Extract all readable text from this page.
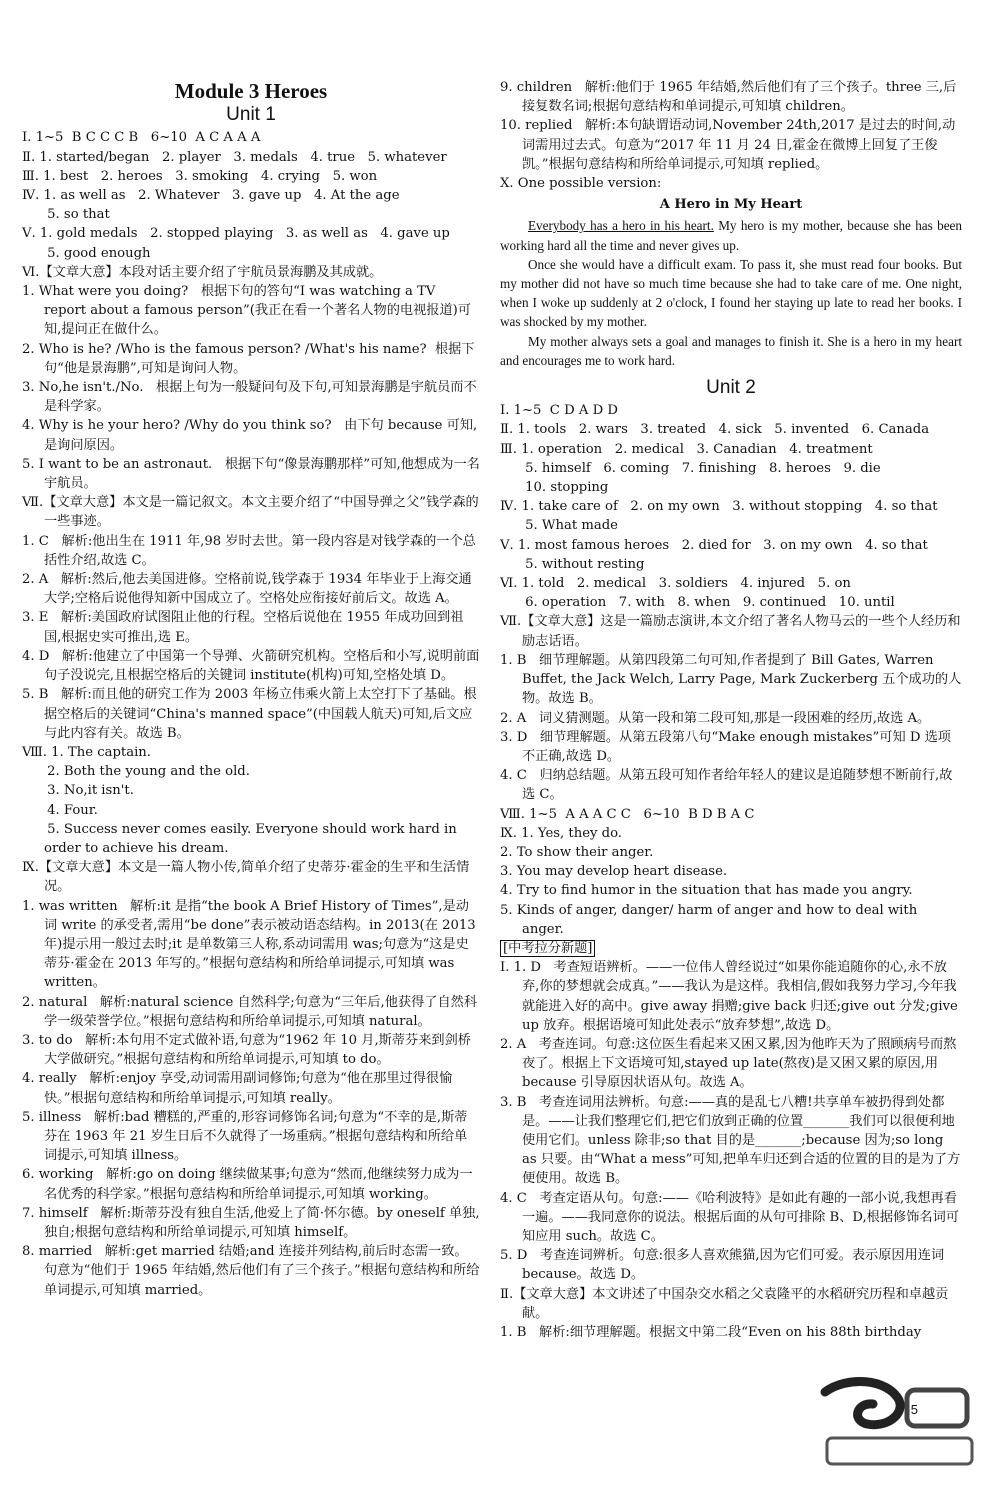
Module 3 Heroes
Unit 1
Ⅰ. 1~5  B C C C B   6~10  A C A A A
Ⅱ. 1. started/began   2. player   3. medals   4. true   5. whatever
Ⅲ. 1. best   2. heroes   3. smoking   4. crying   5. won
Ⅳ. 1. as well as   2. Whatever   3. gave up   4. At the age
5. so that
Ⅴ. 1. gold medals   2. stopped playing   3. as well as   4. gave up
5. good enough
Ⅵ.【文章大意】本段对话主要介绍了宇航员景海鹏及其成就。
1. What were you doing?   根据下句的答句“I was watching a TV report about a famous person”(我正在看一个著名人物的电视报道)可知,提问正在做什么。
2. Who is he? /Who is the famous person? /What's his name?  根据下句“他是景海鹏”,可知是询问人物。
3. No,he isn't./No.   根据上句为一般疑问句及下句,可知景海鹏是宇航员而不是科学家。
4. Why is he your hero? /Why do you think so?   由下句 because 可知,是询问原因。
5. I want to be an astronaut.   根据下句“像景海鹏那样”可知,他想成为一名宇航员。
Ⅶ.【文章大意】本文是一篇记叙文。本文主要介绍了“中国导弹之父”钱学森的一些事迹。
1. C   解析:他出生在 1911 年,98 岁时去世。第一段内容是对钱学森的一个总括性介绍,故选 C。
2. A   解析:然后,他去美国进修。空格前说,钱学森于 1934 年毕业于上海交通大学;空格后说他得知新中国成立了。空格处应衔接好前后文。故选 A。
3. E   解析:美国政府试图阻止他的行程。空格后说他在 1955 年成功回到祖国,根据史实可推出,选 E。
4. D   解析:他建立了中国第一个导弹、火箭研究机构。空格后和小写,说明前面句子没说完,且根据空格后的关键词 institute(机构)可知,空格处填 D。
5. B   解析:而且他的研究工作为 2003 年杨立伟乘火箭上太空打下了基础。根据空格后的关键词“China's manned space”(中国载人航天)可知,后文应与此内容有关。故选 B。
Ⅷ. 1. The captain.
2. Both the young and the old.
3. No,it isn't.
4. Four.
5. Success never comes easily. Everyone should work hard in order to achieve his dream.
Ⅸ.【文章大意】本文是一篇人物小传,简单介绍了史蒂芬·霍金的生平和生活情况。
1. was written   解析:it 是指“the book A Brief History of Times”,是动词 write 的承受者,需用“be done”表示被动语态结构。in 2013(在 2013 年)提示用一般过去时;it 是单数第三人称,系动词需用 was;句意为“这是史蒂芬·霍金在 2013 年写的。”根据句意结构和所给单词提示,可知填 was written。
2. natural   解析:natural science 自然科学;句意为“三年后,他获得了自然科学一级荣誉学位。”根据句意结构和所给单词提示,可知填 natural。
3. to do   解析:本句用不定式做补语,句意为“1962 年 10 月,斯蒂芬来到剑桥大学做研究。”根据句意结构和所给单词提示,可知填 to do。
4. really   解析:enjoy 享受,动词需用副词修饰;句意为“他在那里过得很愉快。”根据句意结构和所给单词提示,可知填 really。
5. illness   解析:bad 糟糕的,严重的,形容词修饰名词;句意为“不幸的是,斯蒂芬在 1963 年 21 岁生日后不久就得了一场重病。”根据句意结构和所给单词提示,可知填 illness。
6. working   解析:go on doing 继续做某事;句意为“然而,他继续努力成为一名优秀的科学家。”根据句意结构和所给单词提示,可知填 working。
7. himself   解析:斯蒂芬没有独自生活,他爱上了简·怀尔德。by oneself 单独,独自;根据句意结构和所给单词提示,可知填 himself。
8. married   解析:get married 结婚;and 连接并列结构,前后时态需一致。句意为“他们于 1965 年结婚,然后他们有了三个孩子。”根据句意结构和所给单词提示,可知填 married。
9. children   解析:他们于 1965 年结婚,然后他们有了三个孩子。three 三,后接复数名词;根据句意结构和单词提示,可知填 children。
10. replied   解析:本句缺谓语动词,November 24th,2017 是过去的时间,动词需用过去式。句意为“2017 年 11 月 24 日,霍金在微博上回复了王俊凯。”根据句意结构和所给单词提示,可知填 replied。
Ⅹ. One possible version:
A Hero in My Heart

Everybody has a hero in his heart. My hero is my mother, because she has been working hard all the time and never gives up.

Once she would have a difficult exam. To pass it, she must read four books. But my mother did not have so much time because she had to take care of me. One night, when I woke up suddenly at 2 o'clock, I found her staying up late to read her books. I was shocked by my mother.

My mother always sets a goal and manages to finish it. She is a hero in my heart and encourages me to work hard.

Unit 2
Ⅰ. 1~5  C D A D D
Ⅱ. 1. tools   2. wars   3. treated   4. sick   5. invented   6. Canada
Ⅲ. 1. operation   2. medical   3. Canadian   4. treatment
5. himself   6. coming   7. finishing   8. heroes   9. die
10. stopping
Ⅳ. 1. take care of   2. on my own   3. without stopping   4. so that
5. What made
Ⅴ. 1. most famous heroes   2. died for   3. on my own   4. so that
5. without resting
Ⅵ. 1. told   2. medical   3. soldiers   4. injured   5. on
6. operation   7. with   8. when   9. continued   10. until
Ⅶ.【文章大意】这是一篇励志演讲,本文介绍了著名人物马云的一些个人经历和励志话语。
1. B   细节理解题。从第四段第二句可知,作者提到了 Bill Gates, Warren Buffet, the Jack Welch, Larry Page, Mark Zuckerberg 五个成功的人物。故选 B。
2. A   词义猜测题。从第一段和第二段可知,那是一段困难的经历,故选 A。
3. D   细节理解题。从第五段第八句“Make enough mistakes”可知 D 选项不正确,故选 D。
4. C   归纳总结题。从第五段可知作者给年轻人的建议是追随梦想不断前行,故选 C。
Ⅷ. 1~5  A A A C C   6~10  B D B A C
Ⅸ. 1. Yes, they do.
2. To show their anger.
3. You may develop heart disease.
4. Try to find humor in the situation that has made you angry.
5. Kinds of anger, danger/ harm of anger and how to deal with anger.
[中考拉分新题]
Ⅰ. 1. D   考查短语辨析。——一位伟人曾经说过“如果你能追随你的心,永不放弃,你的梦想就会成真。”——我认为是这样。我相信,假如我努力学习,今年我就能进入好的高中。give away 捐赠;give back 归还;give out 分发;give up 放弃。根据语境可知此处表示“放弃梦想”,故选 D。
2. A   考查连词。句意:这位医生看起来又困又累,因为他昨天为了照顾病号而熬夜了。根据上下文语境可知,stayed up late(熬夜)是又困又累的原因,用 because 引导原因状语从句。故选 A。
3. B   考查连词用法辨析。句意:——真的是乱七八糟!共享单车被扔得到处都是。——让我们整理它们,把它们放到正确的位置_______我们可以很便利地使用它们。unless 除非;so that 目的是_______;because 因为;so long as 只要。由“What a mess”可知,把单车归还到合适的位置的目的是为了方便使用。故选 B。
4. C   考查定语从句。句意:——《哈利波特》是如此有趣的一部小说,我想再看一遍。——我同意你的说法。根据后面的从句可排除 B、D,根据修饰名词可知应用 such。故选 C。
5. D   考查连词辨析。句意:很多人喜欢熊猫,因为它们可爱。表示原因用连词 because。故选 D。
Ⅱ.【文章大意】本文讲述了中国杂交水稻之父袁隆平的水稻研究历程和卓越贡献。
1. B   解析:细节理解题。根据文中第二段“Even on his 88th birthday
5
